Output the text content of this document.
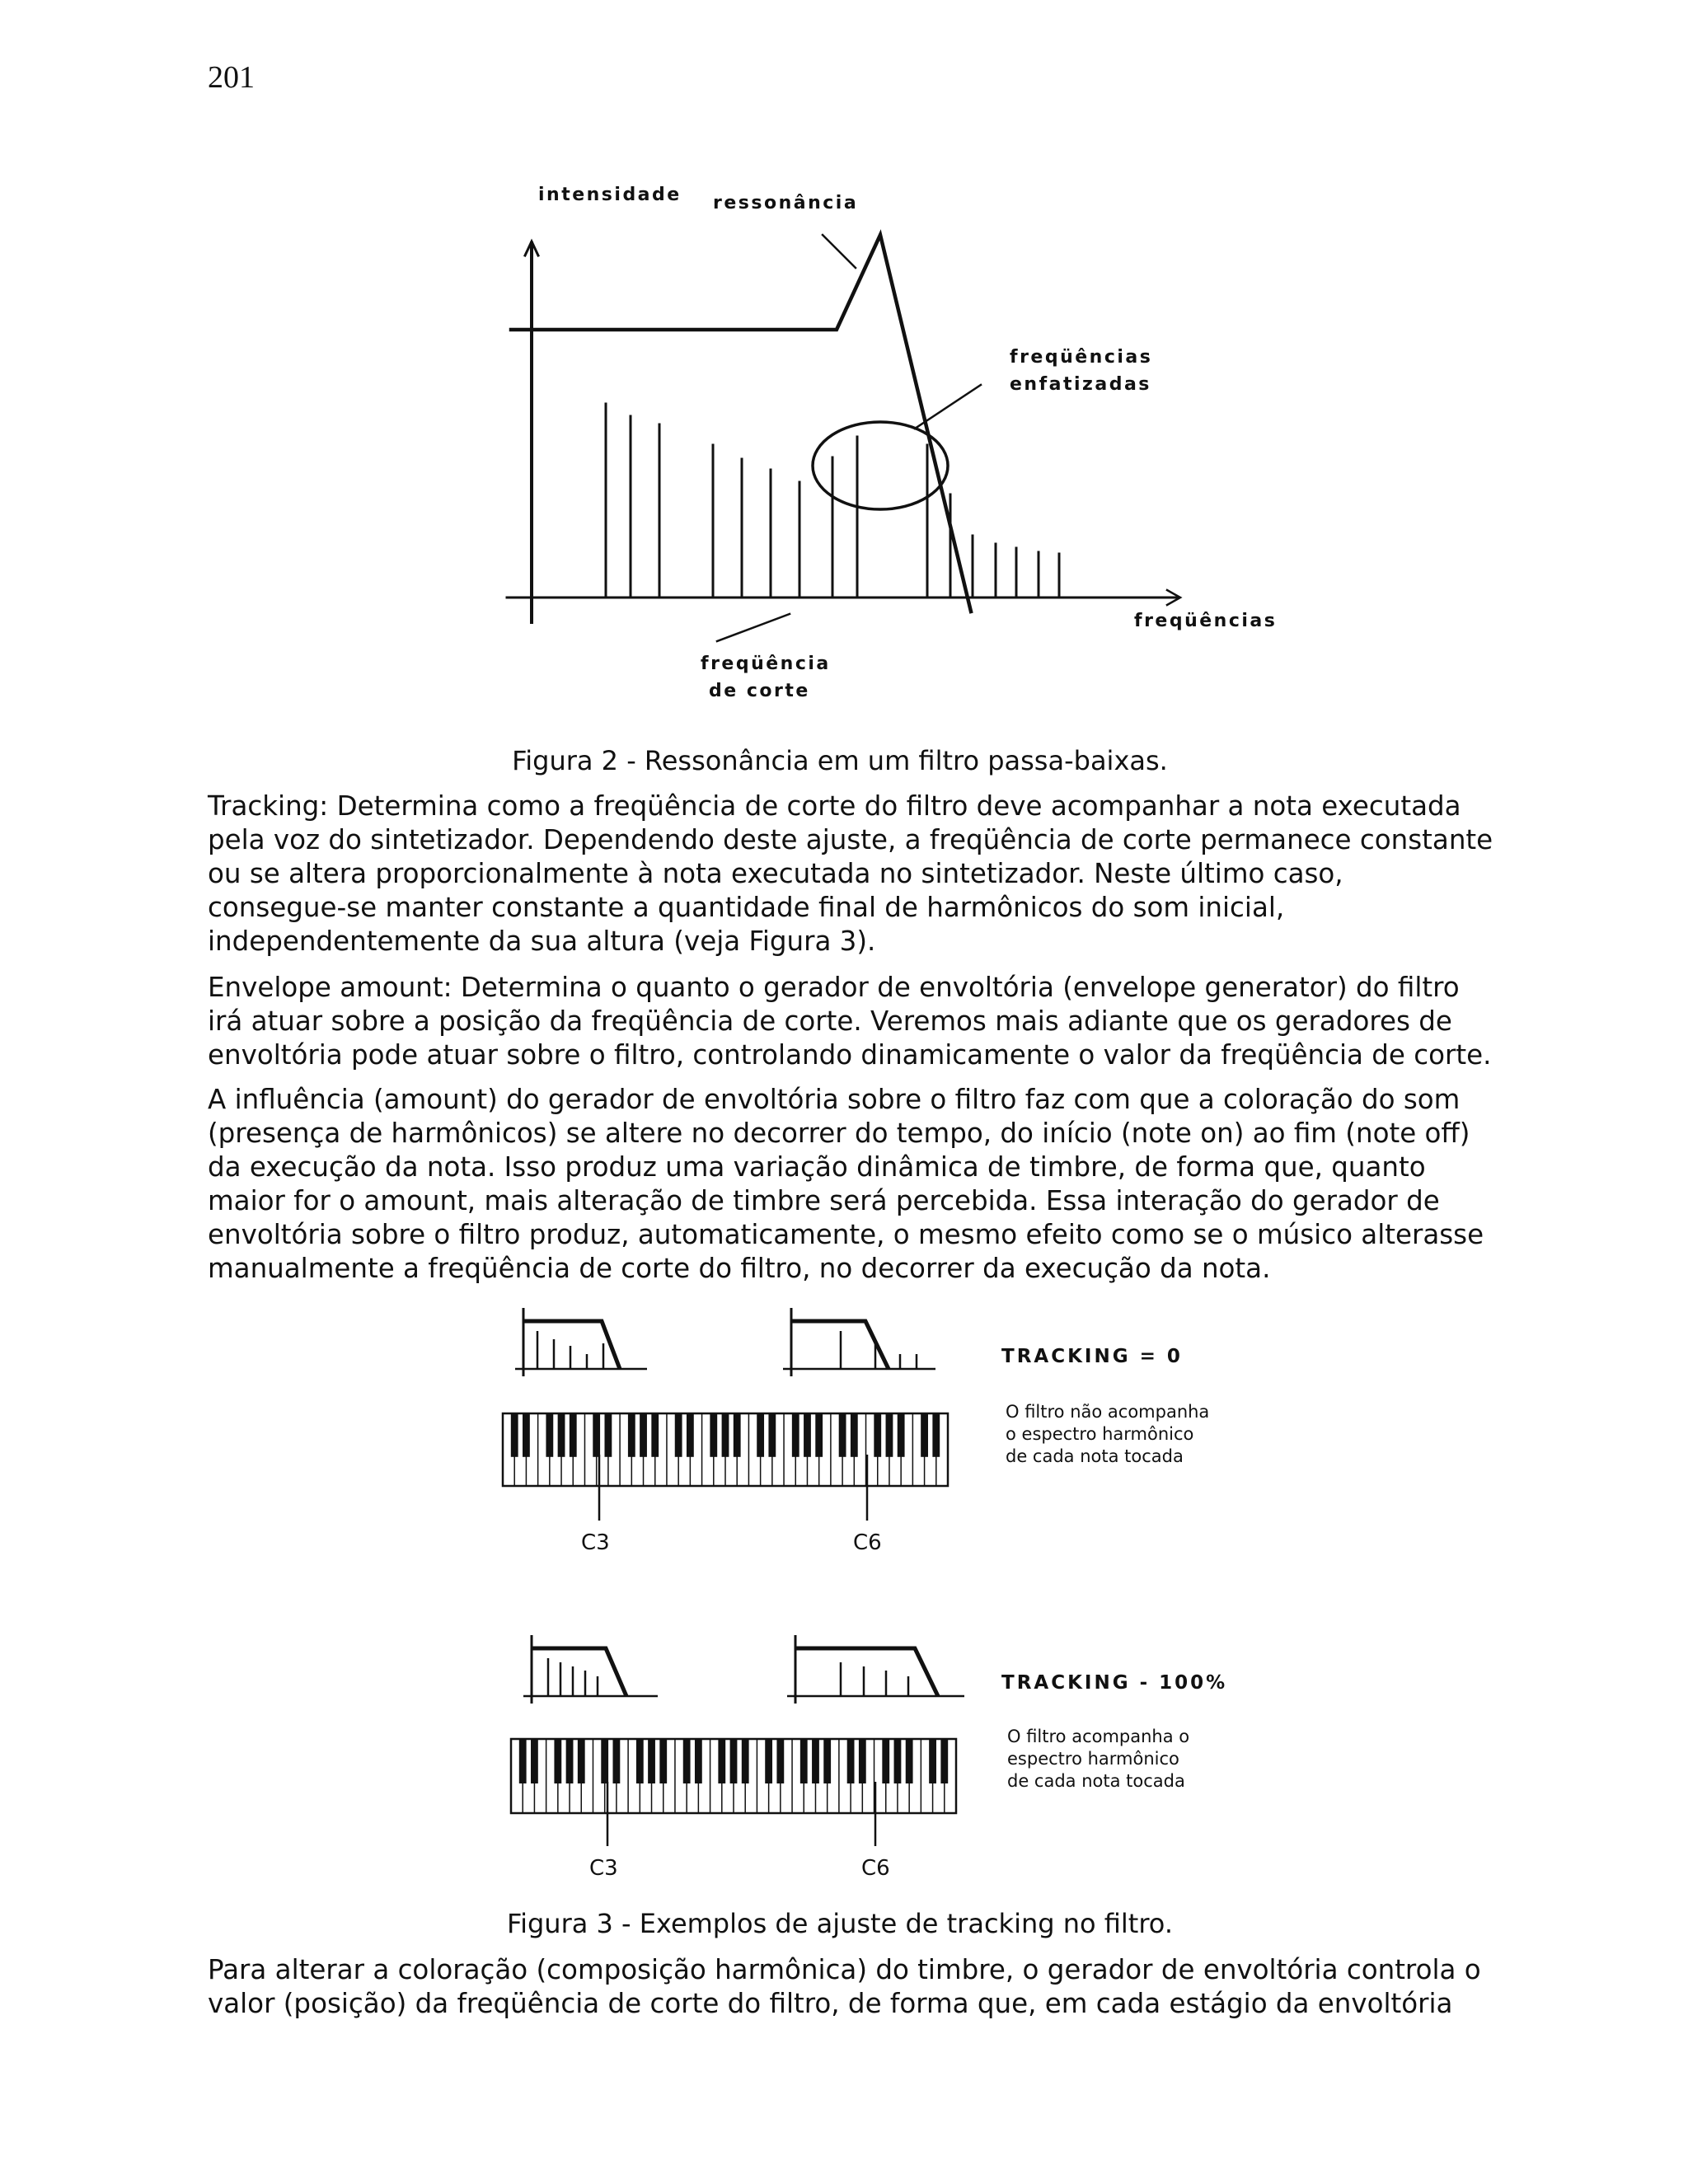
201
intensidade ressonância
freqüências
enfatizadas
freqüências
freqüência
de corte
Figura 2 - Ressonância em um filtro passa-baixas.
Tracking: Determina como a freqüência de corte do filtro deve acompanhar a nota executada
pela voz do sintetizador. Dependendo deste ajuste, a freqüência de corte permanece constante
ou se altera proporcionalmente à nota executada no sintetizador. Neste último caso,
consegue-se manter constante a quantidade final de harmônicos do som inicial,
independentemente da sua altura (veja Figura 3).
Envelope amount: Determina o quanto o gerador de envoltória (envelope generator) do filtro
irá atuar sobre a posição da freqüência de corte. Veremos mais adiante que os geradores de
envoltória pode atuar sobre o filtro, controlando dinamicamente o valor da freqüência de corte.
A influência (amount) do gerador de envoltória sobre o filtro faz com que a coloração do som
(presença de harmônicos) se altere no decorrer do tempo, do início (note on) ao fim (note off)
da execução da nota. Isso produz uma variação dinâmica de timbre, de forma que, quanto
maior for o amount, mais alteração de timbre será percebida. Essa interação do gerador de
envoltória sobre o filtro produz, automaticamente, o mesmo efeito como se o músico alterasse
manualmente a freqüência de corte do filtro, no decorrer da execução da nota.
C3	C6
TRACKING = 0
O filtro não acompanha
o espectro harmônico
de cada nota tocada
C3	C6
TRACKING - 100%
O filtro acompanha o
espectro harmônico
de cada nota tocada
Figura 3 - Exemplos de ajuste de tracking no filtro.
Para alterar a coloração (composição harmônica) do timbre, o gerador de envoltória controla o
valor (posição) da freqüência de corte do filtro, de forma que, em cada estágio da envoltória
